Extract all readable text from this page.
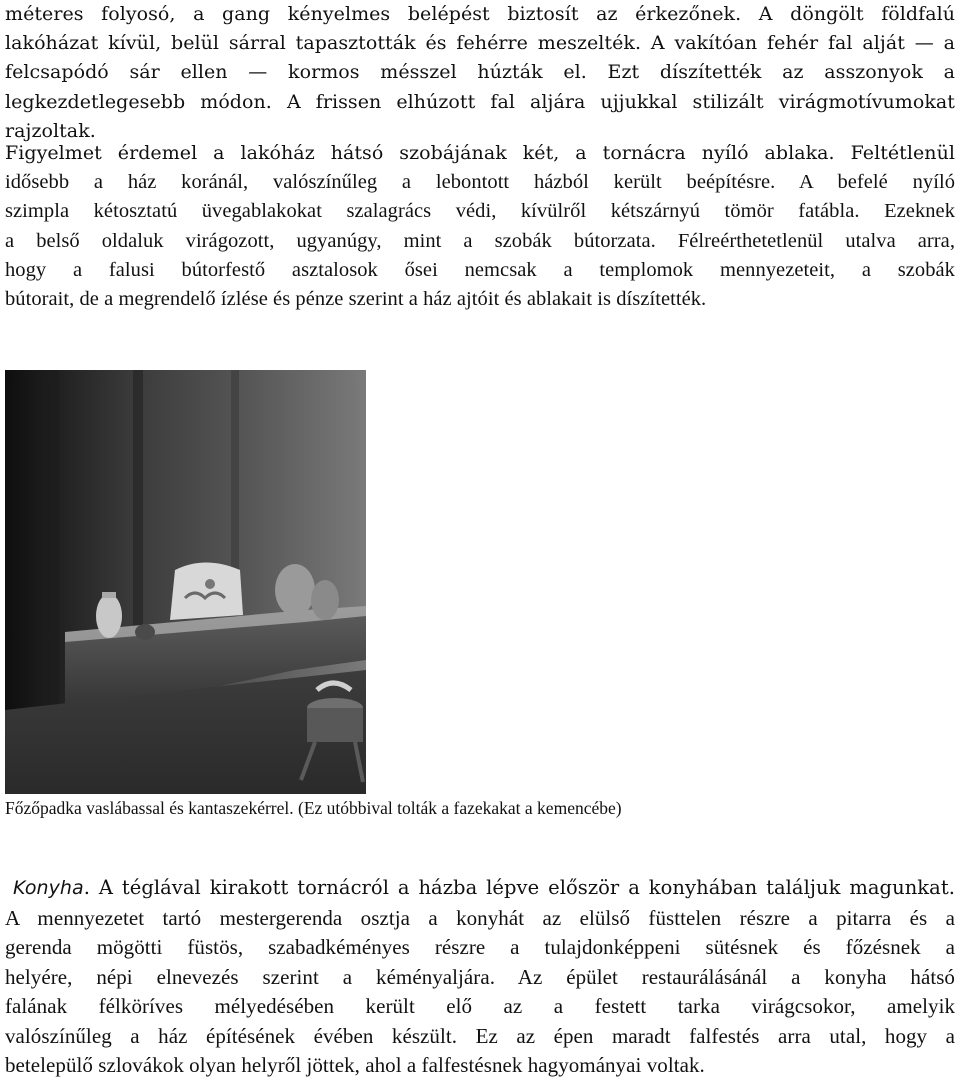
méteres folyosó, a gang kényelmes belépést biztosít az érkezőnek. A döngölt földfalú
lakóházat kívül, belül sárral tapasztották és fehérre meszelték. A vakítóan fehér fal alját — a
felcsapódó sár ellen — kormos mésszel húzták el. Ezt díszítették az asszonyok a
legkezdetlegesebb módon. A frissen elhúzott fal aljára ujjukkal stilizált virágmotívumokat
rajzoltak.
Figyelmet érdemel a lakóház hátsó szobájának két, a tornácra nyíló ablaka. Feltétlenül
idősebb a ház koránál, valószínűleg a lebontott házból került beépítésre. A befelé nyíló
szimpla kétosztatú üvegablakokat szalagrács védi, kívülről kétszárnyú tömör fatábla. Ezeknek
a belső oldaluk virágozott, ugyanúgy, mint a szobák bútorzata. Félreérthetetlenül utalva arra,
hogy a falusi bútorfestő asztalosok ősei nemcsak a templomok mennyezeteit, a szobák
bútorait, de a megrendelő ízlése és pénze szerint a ház ajtóit és ablakait is díszítették.
Főzőpadka vaslábassal és kantaszekérrel. (Ez utóbbival tolták a fazekakat a kemencébe)
Konyha. A téglával kirakott tornácról a házba lépve először a konyhában találjuk magunkat.
A mennyezetet tartó mestergerenda osztja a konyhát az elülső füsttelen részre a pitarra és a
gerenda mögötti füstös, szabadkéményes részre a tulajdonképpeni sütésnek és főzésnek a
helyére, népi elnevezés szerint a kéményaljára. Az épület restaurálásánál a konyha hátsó
falának félköríves mélyedésében került elő az a festett tarka virágcsokor, amelyik
valószínűleg a ház építésének évében készült. Ez az épen maradt falfestés arra utal, hogy a
betelepülő szlovákok olyan helyről jöttek, ahol a falfestésnek hagyományai voltak.
